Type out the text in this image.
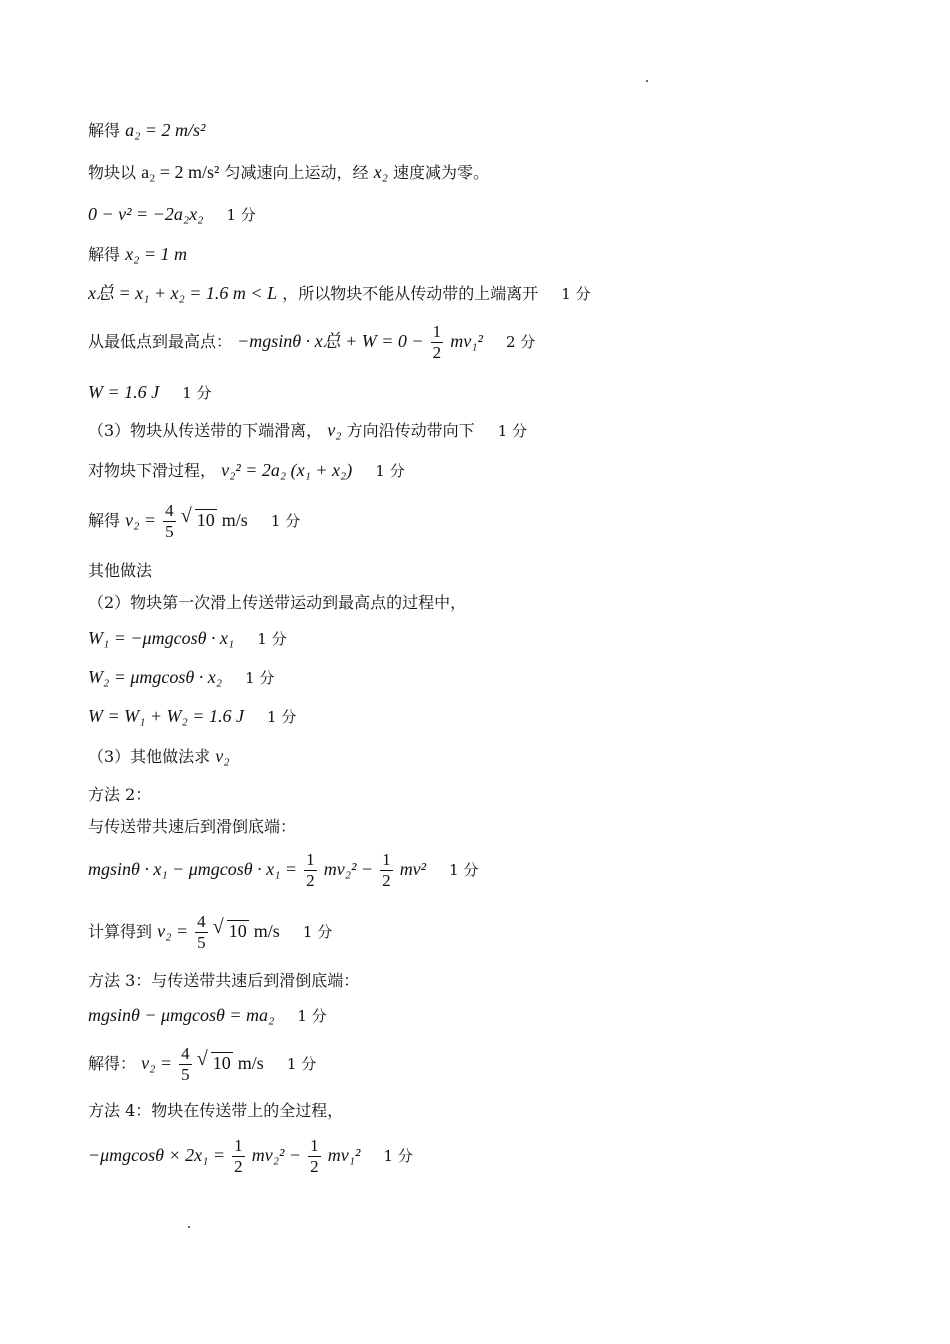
解得 a₂ = 2 m/s²
物块以 a₂ = 2 m/s² 匀减速向上运动，经 x₂ 速度减为零。
0 − v² = −2a₂x₂ 1 分
解得 x₂ = 1 m
x总 = x₁ + x₂ = 1.6 m < L ，所以物块不能从传动带的上端离开 1 分
从最低点到最高点： −mgsinθ · x总 + $W = 0 - \frac{1}{2} mv_1^2$ 2 分
W = 1.6 J 1 分
（3）物块从传送带的下端滑离， v₂ 方向沿传动带向下 1 分
对物块下滑过程， v₂² = 2a₂ (x₁ + x₂) 1 分
解得 $v_2 = \frac{4}{5}$ √ 10 m/s 1 分
其他做法
（2）物块第一次滑上传送带运动到最高点的过程中，
W₁ = −μmgcosθ · x₁ 1 分
W₂ = μmgcosθ · x₂ 1 分
W = W₁ + W₂ = 1.6 J 1 分
（3）其他做法求 v₂
方法 2：
与传送带共速后到滑倒底端：
$mgsin\theta \cdot x_1 - \mu mgcos\theta \cdot x_1 = \frac{1}{2} mv_2^2 - \frac{1}{2} mv^2$ 1 分
计算得到 $v_2 = \frac{4}{5}$ √ 10 m/s 1 分
方法 3：与传送带共速后到滑倒底端：
mgsinθ − μmgcosθ = ma₂ 1 分
解得： $v_2 = \frac{4}{5}$ √ 10 m/s 1 分
方法 4：物块在传送带上的全过程，
$-\mu mgcos\theta \times 2x_1 = \frac{1}{2} mv_2^2 - \frac{1}{2} mv_1^2$ 1 分
